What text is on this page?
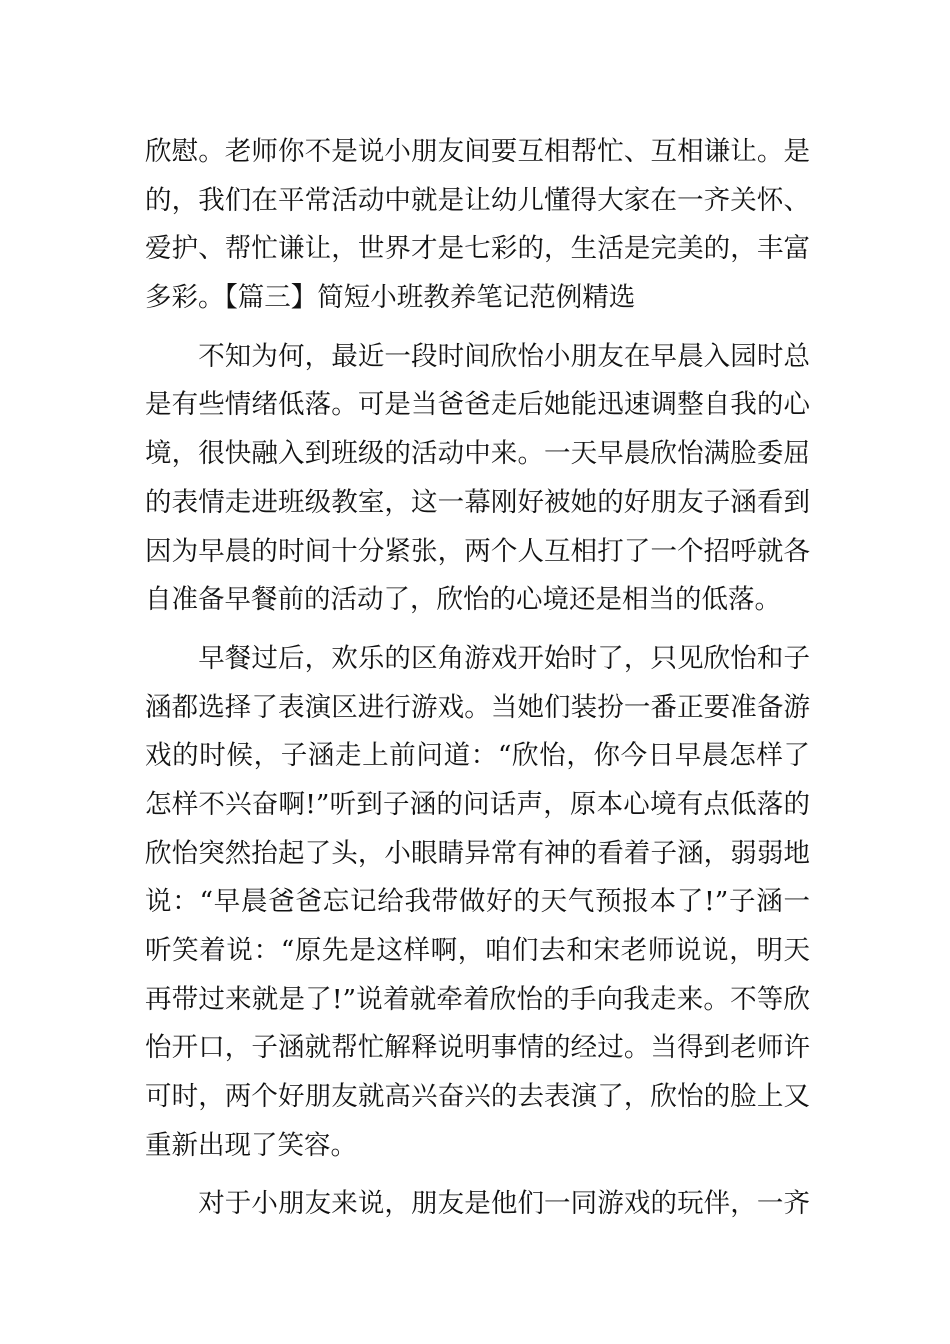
欣慰。老师你不是说小朋友间要互相帮忙、互相谦让。是
的，我们在平常活动中就是让幼儿懂得大家在一齐关怀、
爱护、帮忙谦让，世界才是七彩的，生活是完美的，丰富
多彩。【篇三】简短小班教养笔记范例精选
　　不知为何，最近一段时间欣怡小朋友在早晨入园时总
是有些情绪低落。可是当爸爸走后她能迅速调整自我的心
境，很快融入到班级的活动中来。一天早晨欣怡满脸委屈
的表情走进班级教室，这一幕刚好被她的好朋友子涵看到
因为早晨的时间十分紧张，两个人互相打了一个招呼就各
自准备早餐前的活动了，欣怡的心境还是相当的低落。
　　早餐过后，欢乐的区角游戏开始时了，只见欣怡和子
涵都选择了表演区进行游戏。当她们装扮一番正要准备游
戏的时候，子涵走上前问道：“欣怡，你今日早晨怎样了
怎样不兴奋啊!”听到子涵的问话声，原本心境有点低落的
欣怡突然抬起了头，小眼睛异常有神的看着子涵，弱弱地
说：“早晨爸爸忘记给我带做好的天气预报本了!”子涵一
听笑着说：“原先是这样啊，咱们去和宋老师说说，明天
再带过来就是了!”说着就牵着欣怡的手向我走来。不等欣
怡开口，子涵就帮忙解释说明事情的经过。当得到老师许
可时，两个好朋友就高兴奋兴的去表演了，欣怡的脸上又
重新出现了笑容。
　　对于小朋友来说，朋友是他们一同游戏的玩伴，一齐
